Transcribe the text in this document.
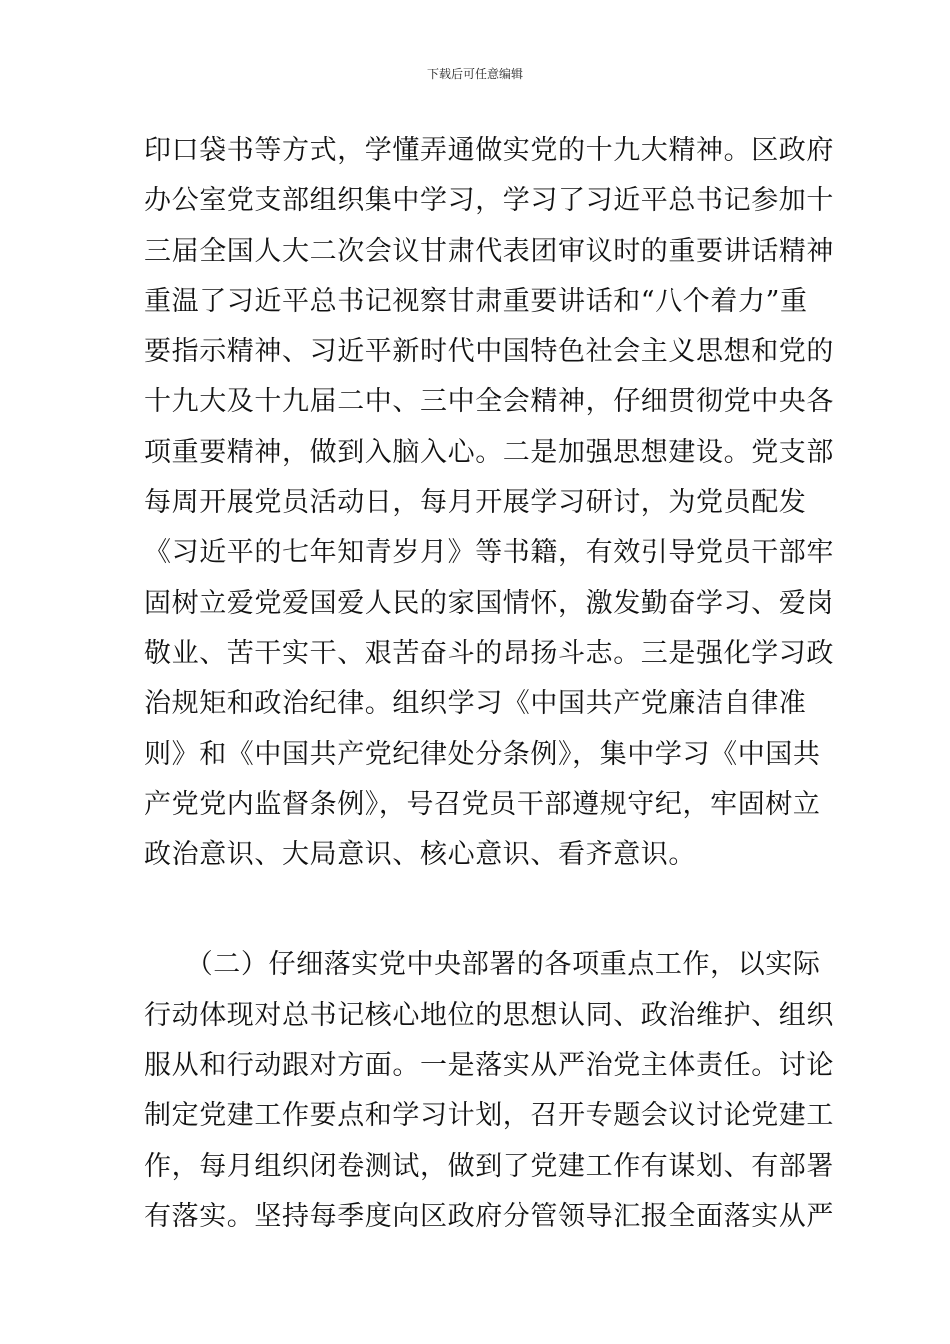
下载后可任意编辑
印口袋书等方式，学懂弄通做实党的十九大精神。区政府
办公室党支部组织集中学习，学习了习近平总书记参加十
三届全国人大二次会议甘肃代表团审议时的重要讲话精神
重温了习近平总书记视察甘肃重要讲话和“八个着力”重
要指示精神、习近平新时代中国特色社会主义思想和党的
十九大及十九届二中、三中全会精神，仔细贯彻党中央各
项重要精神，做到入脑入心。二是加强思想建设。党支部
每周开展党员活动日，每月开展学习研讨，为党员配发
《习近平的七年知青岁月》等书籍，有效引导党员干部牢
固树立爱党爱国爱人民的家国情怀，激发勤奋学习、爱岗
敬业、苦干实干、艰苦奋斗的昂扬斗志。三是强化学习政
治规矩和政治纪律。组织学习《中国共产党廉洁自律准
则》和《中国共产党纪律处分条例》，集中学习《中国共
产党党内监督条例》，号召党员干部遵规守纪，牢固树立
政治意识、大局意识、核心意识、看齐意识。
　　（二）仔细落实党中央部署的各项重点工作，以实际
行动体现对总书记核心地位的思想认同、政治维护、组织
服从和行动跟对方面。一是落实从严治党主体责任。讨论
制定党建工作要点和学习计划，召开专题会议讨论党建工
作，每月组织闭卷测试，做到了党建工作有谋划、有部署
有落实。坚持每季度向区政府分管领导汇报全面落实从严
